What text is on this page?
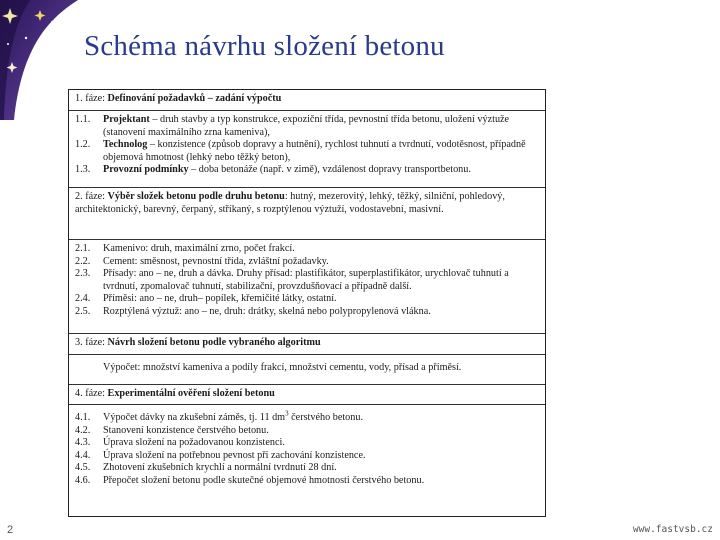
Schéma návrhu složení betonu
1. fáze: Definování požadavků – zadání výpočtu
1.1.	Projektant – druh stavby a typ konstrukce, expoziční třída, pevnostní třída betonu, uložení výztuže (stanovení maximálního zrna kameniva),
1.2.	Technolog – konzistence (způsob dopravy a hutnění), rychlost tuhnutí a tvrdnutí, vodotěsnost, případně objemová hmotnost (lehký nebo těžký beton),
1.3.	Provozní podmínky – doba betonáže (např. v zimě), vzdálenost dopravy transportbetonu.
2. fáze: Výběr složek betonu podle druhu betonu: hutný, mezerovitý, lehký, těžký, silniční, pohledový, architektonický, barevný, čerpaný, stříkaný, s rozptýlenou výztuží, vodostavební, masivní.
2.1.	Kamenivo: druh, maximální zrno, počet frakcí.
2.2.	Cement: směsnost, pevnostní třída, zvláštní požadavky.
2.3.	Přísady: ano – ne, druh a dávka. Druhy přísad: plastifikátor, superplastifikátor, urychlovač tuhnutí a tvrdnutí, zpomalovač tuhnutí, stabilizační, provzdušňovací a případně další.
2.4.	Příměsi: ano – ne, druh– popílek, křemičité látky, ostatní.
2.5.	Rozptýlená výztuž: ano – ne, druh: drátky, skelná nebo polypropylenová vlákna.
3. fáze: Návrh složení betonu podle vybraného algoritmu
Výpočet: množství kameniva a podíly frakcí, množství cementu, vody, přísad a příměsí.
4. fáze: Experimentální ověření složení betonu
4.1.	Výpočet dávky na zkušební záměs, tj. 11 $dm^3$ čerstvého betonu.
4.2.	Stanovení konzistence čerstvého betonu.
4.3.	Úprava složení na požadovanou konzistenci.
4.4.	Úprava složení na potřebnou pevnost při zachování konzistence.
4.5.	Zhotovení zkušebních krychlí a normální tvrdnutí 28 dní.
4.6.	Přepočet složení betonu podle skutečné objemové hmotnosti čerstvého betonu.
2	www.fastvsb.cz
